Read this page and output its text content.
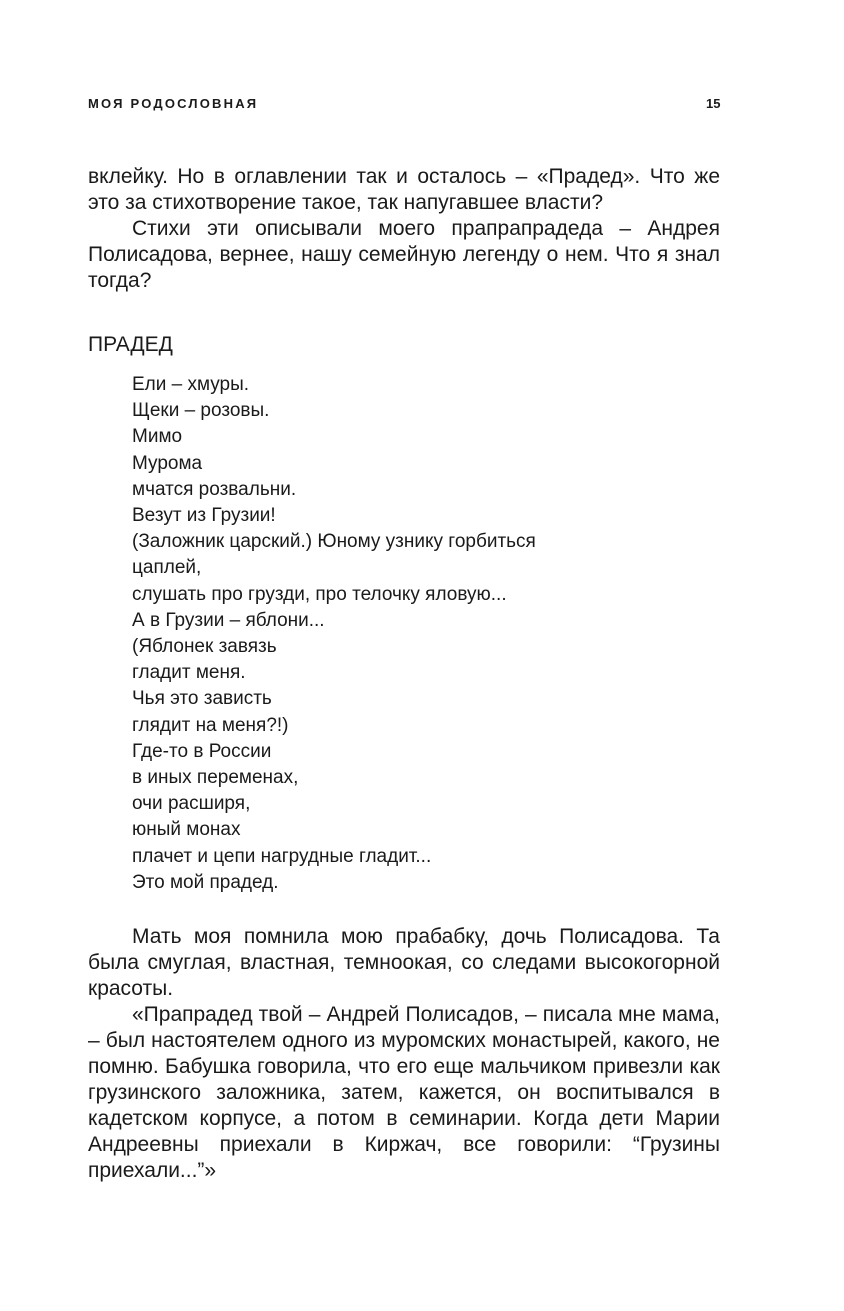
МОЯ РОДОСЛОВНАЯ	15

вклейку. Но в оглавлении так и осталось – «Прадед». Что же это за стихотворение такое, так напугавшее власти?

Стихи эти описывали моего прапрапрадеда – Андрея Полисадова, вернее, нашу семейную легенду о нем. Что я знал тогда?

ПРАДЕД
Ели – хмуры.
Щеки – розовы.
Мимо
Мурома
мчатся розвальни.
Везут из Грузии!
(Заложник царский.) Юному узнику горбиться
цаплей,
слушать про грузди, про телочку яловую...
А в Грузии – яблони...
(Яблонек завязь
гладит меня.
Чья это зависть
глядит на меня?!)
Где-то в России
в иных переменах,
очи расширя,
юный монах
плачет и цепи нагрудные гладит...
Это мой прадед.

Мать моя помнила мою прабабку, дочь Полисадова. Та была смуглая, властная, темноокая, со следами высокогорной красоты.

«Прапрадед твой – Андрей Полисадов, – писала мне мама, – был настоятелем одного из муромских монастырей, какого, не помню. Бабушка говорила, что его еще мальчиком привезли как грузинского заложника, затем, кажется, он воспитывался в кадетском корпусе, а потом в семинарии. Когда дети Марии Андреевны приехали в Киржач, все говорили: “Грузины приехали...”»
